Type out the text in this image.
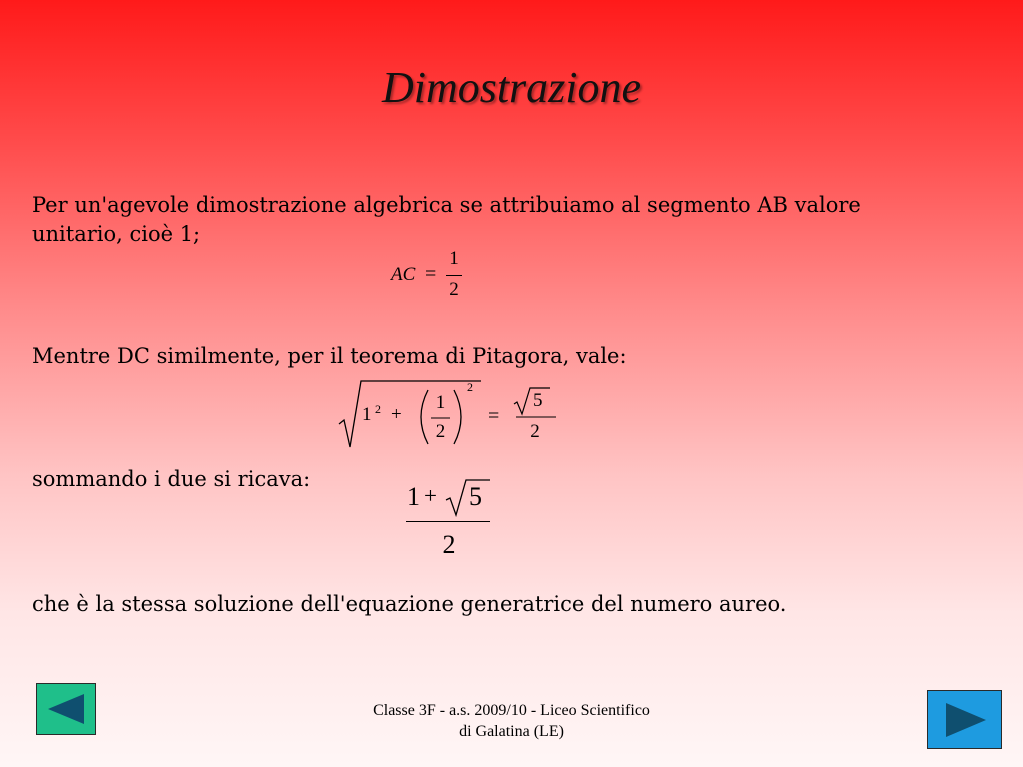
Dimostrazione
Per un'agevole dimostrazione algebrica se attribuiamo al segmento AB valore unitario, cioè 1;
AC =
1
2
Mentre DC similmente, per il teorema di Pitagora, vale:
1 2 +
1
2
2
=
5
2
sommando i due si ricava:
1 + 5
2
che è la stessa soluzione dell'equazione generatrice del numero aureo.
Classe 3F - a.s. 2009/10 - Liceo Scientifico
di Galatina (LE)
